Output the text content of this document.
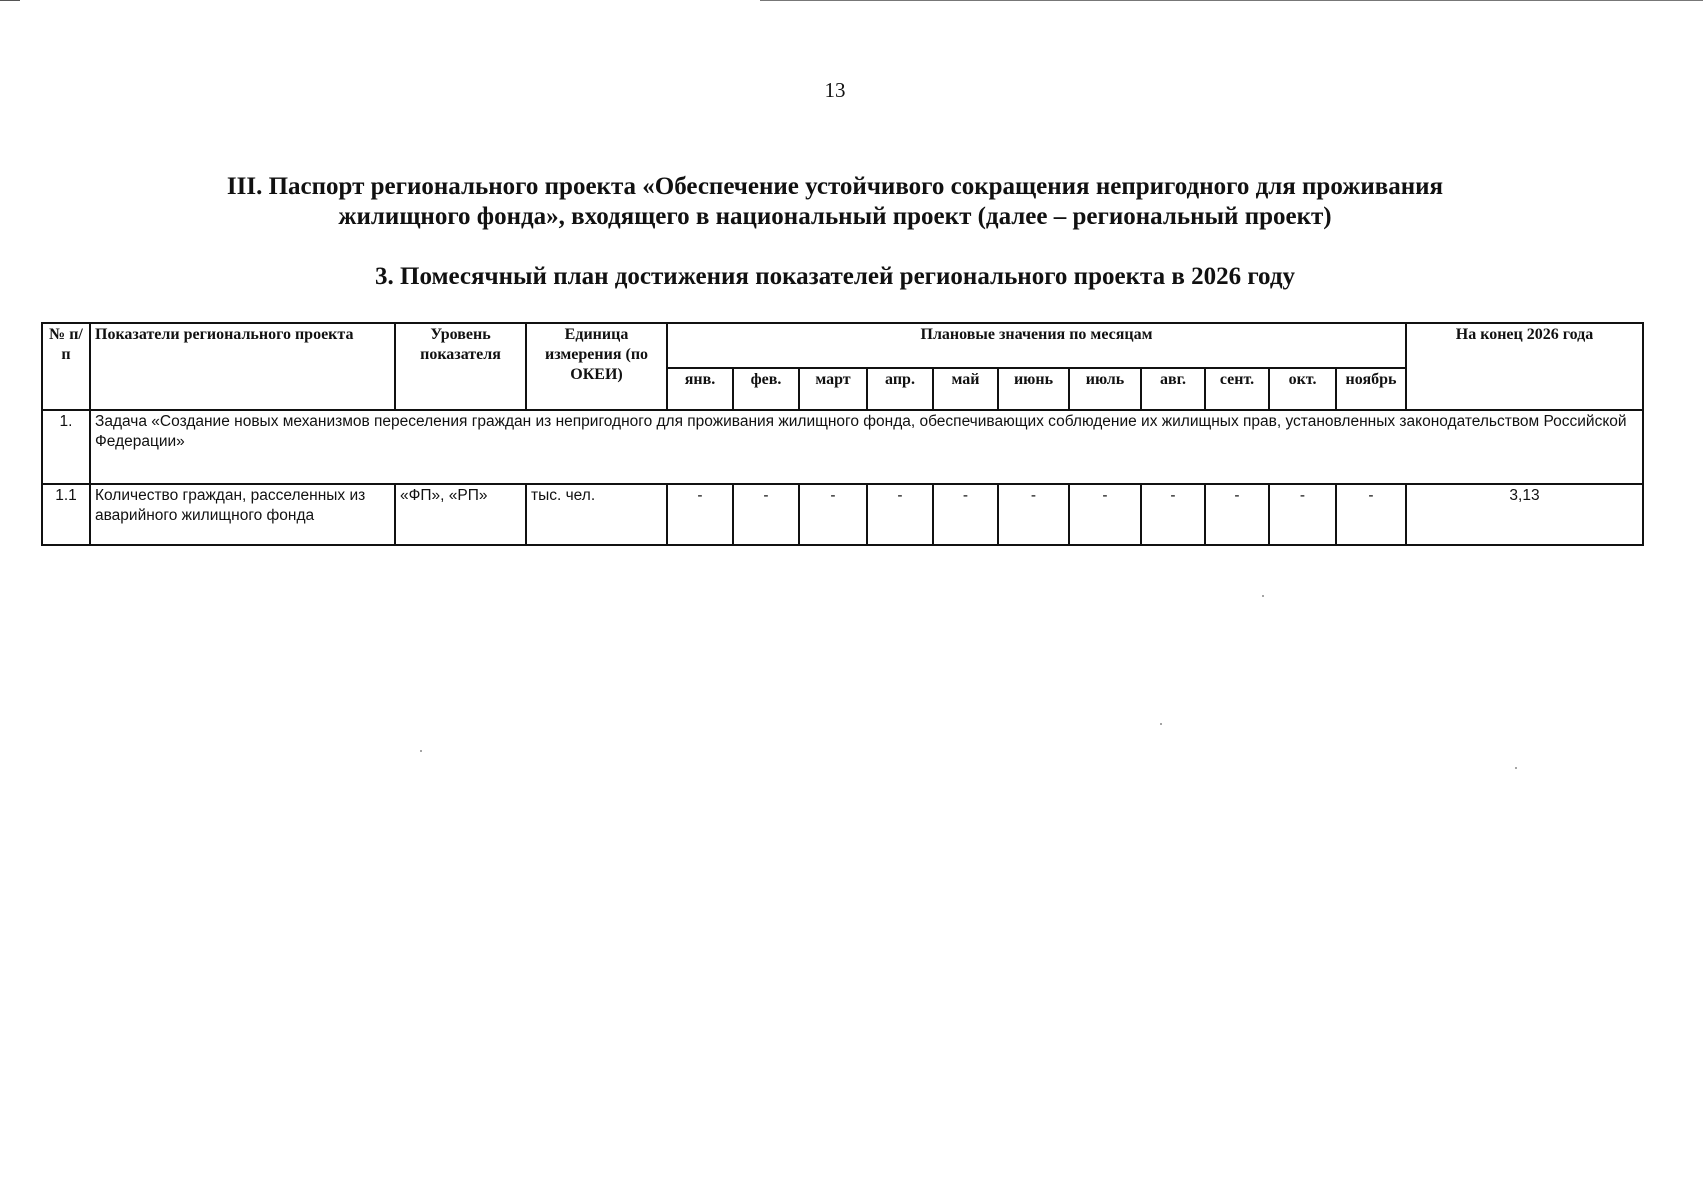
13
III. Паспорт регионального проекта «Обеспечение устойчивого сокращения непригодного для проживания
жилищного фонда», входящего в национальный проект (далее – региональный проект)
3. Помесячный план достижения показателей регионального проекта в 2026 году
№ п/п	Показатели регионального проекта	Уровень показателя	Единица измерения (по ОКЕИ)	Плановые значения по месяцам											На конец 2026 года
				янв.	фев.	март	апр.	май	июнь	июль	авг.	сент.	окт.	ноябрь	
1.	Задача «Создание новых механизмов переселения граждан из непригодного для проживания жилищного фонда, обеспечивающих соблюдение их жилищных прав, установленных законодательством Российской Федерации»														
1.1	Количество граждан, расселенных из аварийного жилищного фонда	«ФП», «РП»	тыс. чел.	-	-	-	-	-	-	-	-	-	-	-	3,13
